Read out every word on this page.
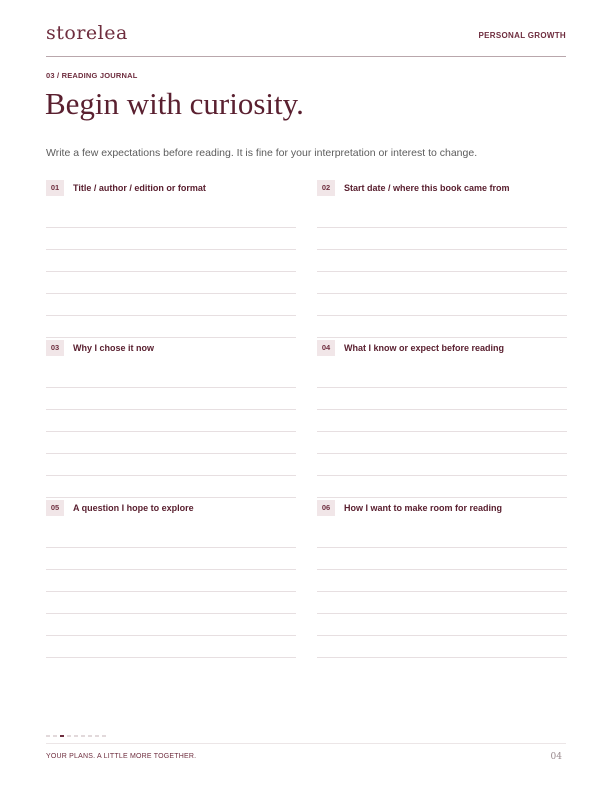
storelea	PERSONAL GROWTH
03 / READING JOURNAL
Begin with curiosity.
Write a few expectations before reading. It is fine for your interpretation or interest to change.
01	Title / author / edition or format	02	Start date / where this book came from
03	Why I chose it now	04	What I know or expect before reading
05	A question I hope to explore	06	How I want to make room for reading
YOUR PLANS. A LITTLE MORE TOGETHER.	04
